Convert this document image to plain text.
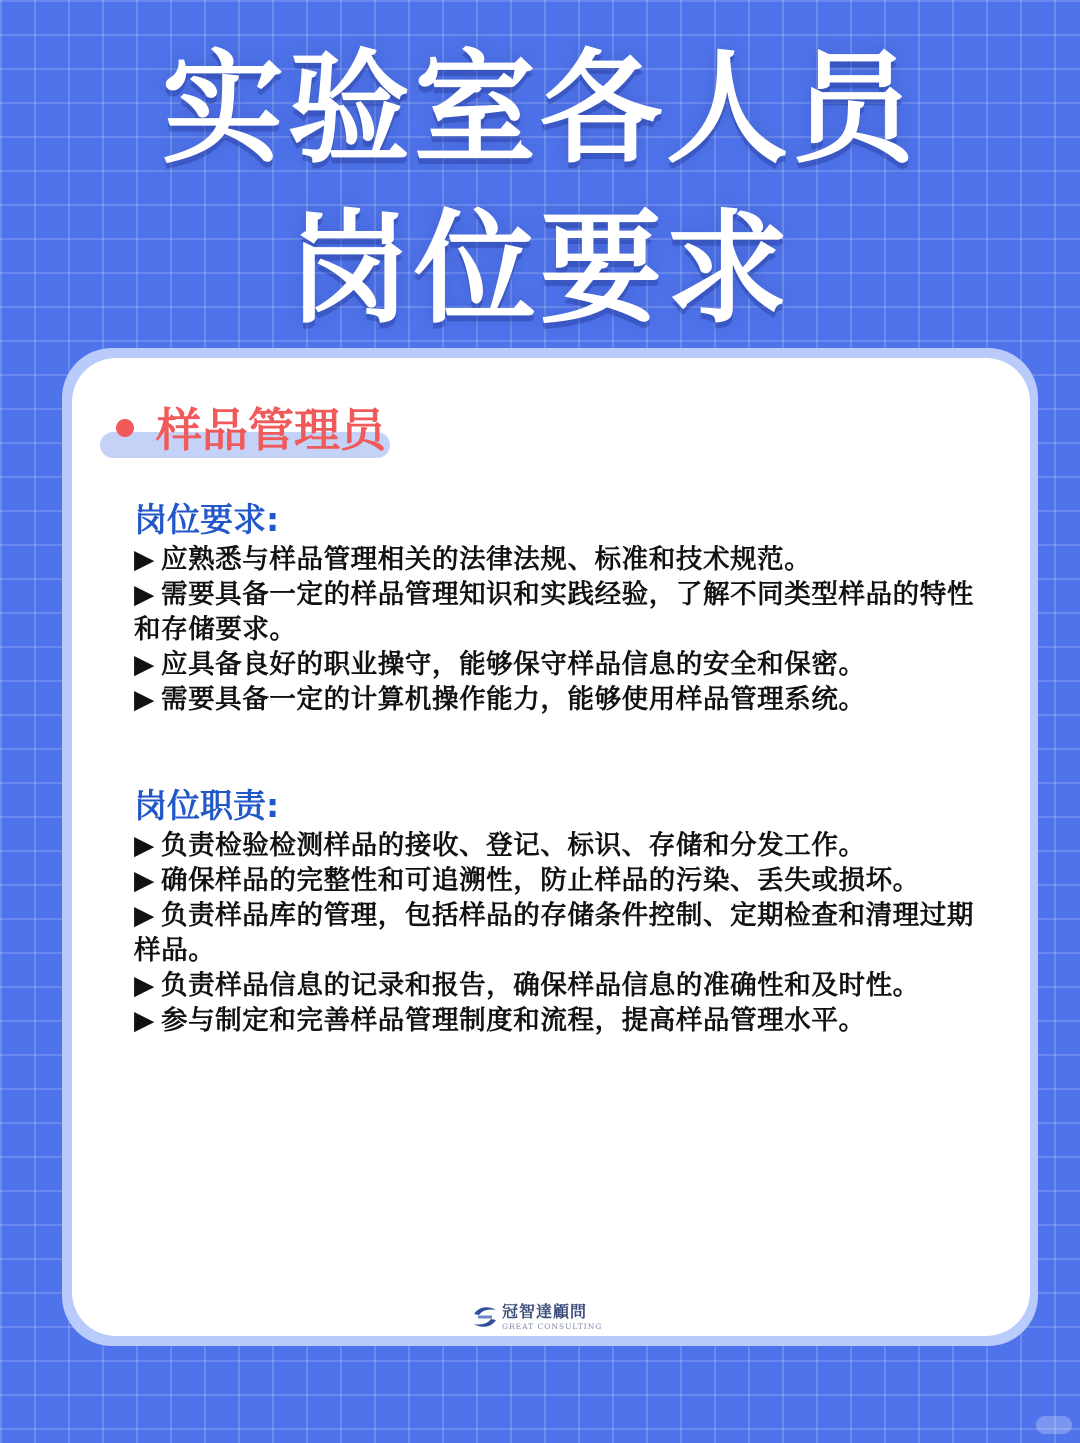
实验室各人员
岗位要求
样品管理员
岗位要求:
▶ 应熟悉与样品管理相关的法律法规、标准和技术规范。
▶ 需要具备一定的样品管理知识和实践经验，了解不同类型样品的特性和存储要求。
▶ 应具备良好的职业操守，能够保守样品信息的安全和保密。
▶ 需要具备一定的计算机操作能力，能够使用样品管理系统。
岗位职责:
▶ 负责检验检测样品的接收、登记、标识、存储和分发工作。
▶ 确保样品的完整性和可追溯性，防止样品的污染、丢失或损坏。
▶ 负责样品库的管理，包括样品的存储条件控制、定期检查和清理过期样品。
▶ 负责样品信息的记录和报告，确保样品信息的准确性和及时性。
▶ 参与制定和完善样品管理制度和流程，提高样品管理水平。
冠智達顧問
GREAT CONSULTING
